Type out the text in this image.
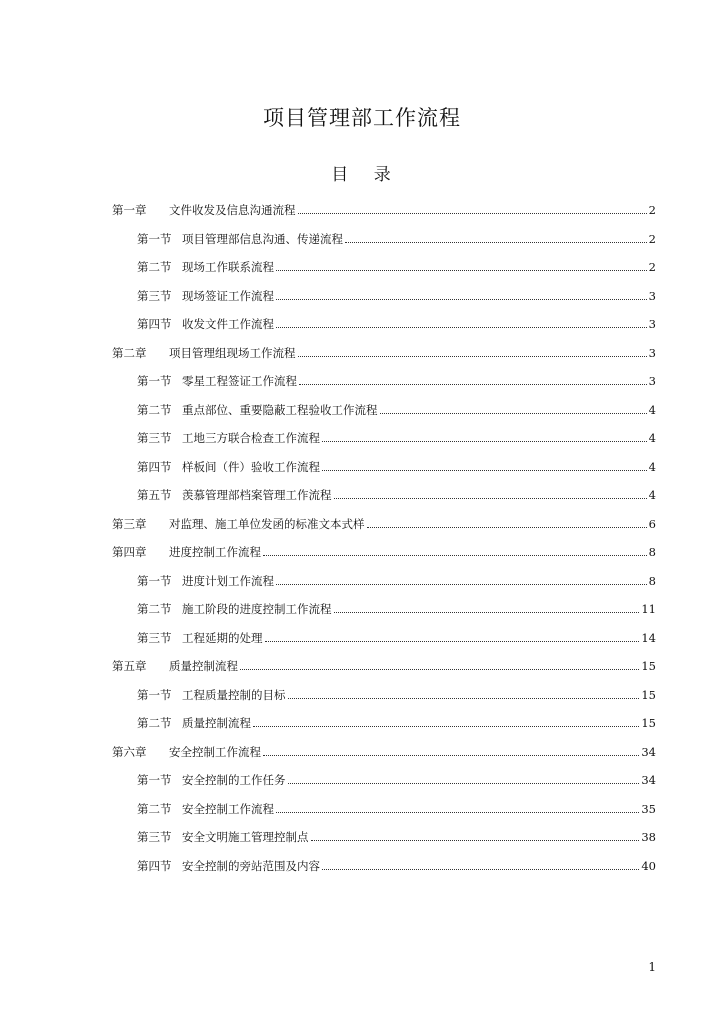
项目管理部工作流程
目 录
第一章 文件收发及信息沟通流程	2
第一节 项目管理部信息沟通、传递流程	2
第二节 现场工作联系流程	2
第三节 现场签证工作流程	3
第四节 收发文件工作流程	3
第二章 项目管理组现场工作流程	3
第一节 零星工程签证工作流程	3
第二节 重点部位、重要隐蔽工程验收工作流程	4
第三节 工地三方联合检查工作流程	4
第四节 样板间（件）验收工作流程	4
第五节 羡慕管理部档案管理工作流程	4
第三章 对监理、施工单位发函的标准文本式样	6
第四章 进度控制工作流程	8
第一节 进度计划工作流程	8
第二节 施工阶段的进度控制工作流程	11
第三节 工程延期的处理	14
第五章 质量控制流程	15
第一节 工程质量控制的目标	15
第二节 质量控制流程	15
第六章 安全控制工作流程	34
第一节 安全控制的工作任务	34
第二节 安全控制工作流程	35
第三节 安全文明施工管理控制点	38
第四节 安全控制的旁站范围及内容	40
1
